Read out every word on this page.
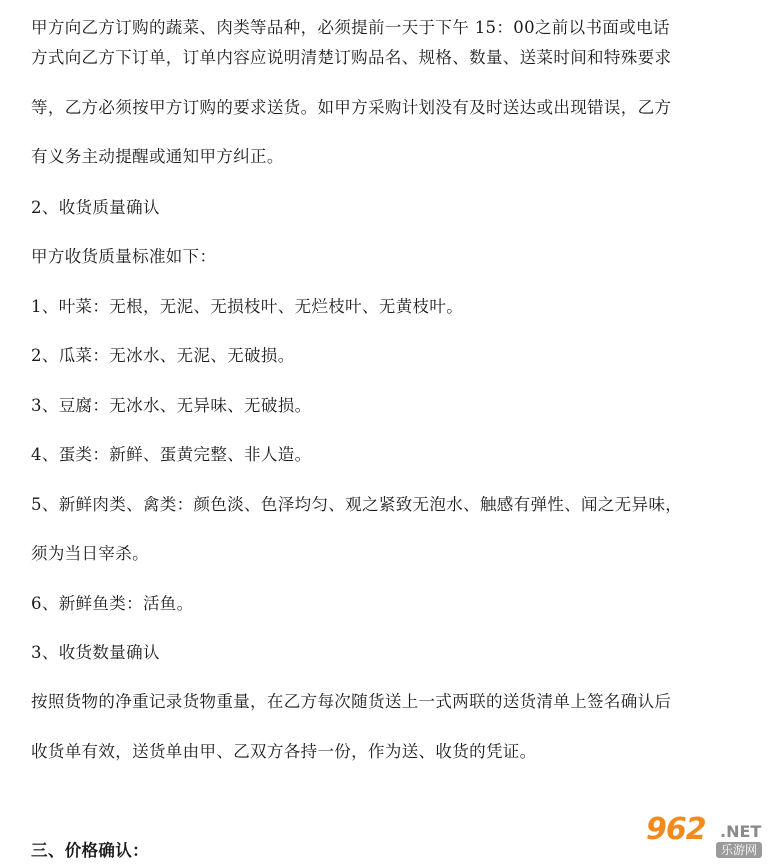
甲方向乙方订购的蔬菜、肉类等品种，必须提前一天于下午 15：00之前以书面或电话
方式向乙方下订单，订单内容应说明清楚订购品名、规格、数量、送菜时间和特殊要求
等，乙方必须按甲方订购的要求送货。如甲方采购计划没有及时送达或出现错误，乙方
有义务主动提醒或通知甲方纠正。
2、收货质量确认
甲方收货质量标准如下：
1、叶菜：无根，无泥、无损枝叶、无烂枝叶、无黄枝叶。
2、瓜菜：无冰水、无泥、无破损。
3、豆腐：无冰水、无异味、无破损。
4、蛋类：新鲜、蛋黄完整、非人造。
5、新鲜肉类、禽类：颜色淡、色泽均匀、观之紧致无泡水、触感有弹性、闻之无异味，
须为当日宰杀。
6、新鲜鱼类：活鱼。
3、收货数量确认
按照货物的净重记录货物重量，在乙方每次随货送上一式两联的送货清单上签名确认后
收货单有效，送货单由甲、乙双方各持一份，作为送、收货的凭证。
三、价格确认：
962 .NET
乐游网
